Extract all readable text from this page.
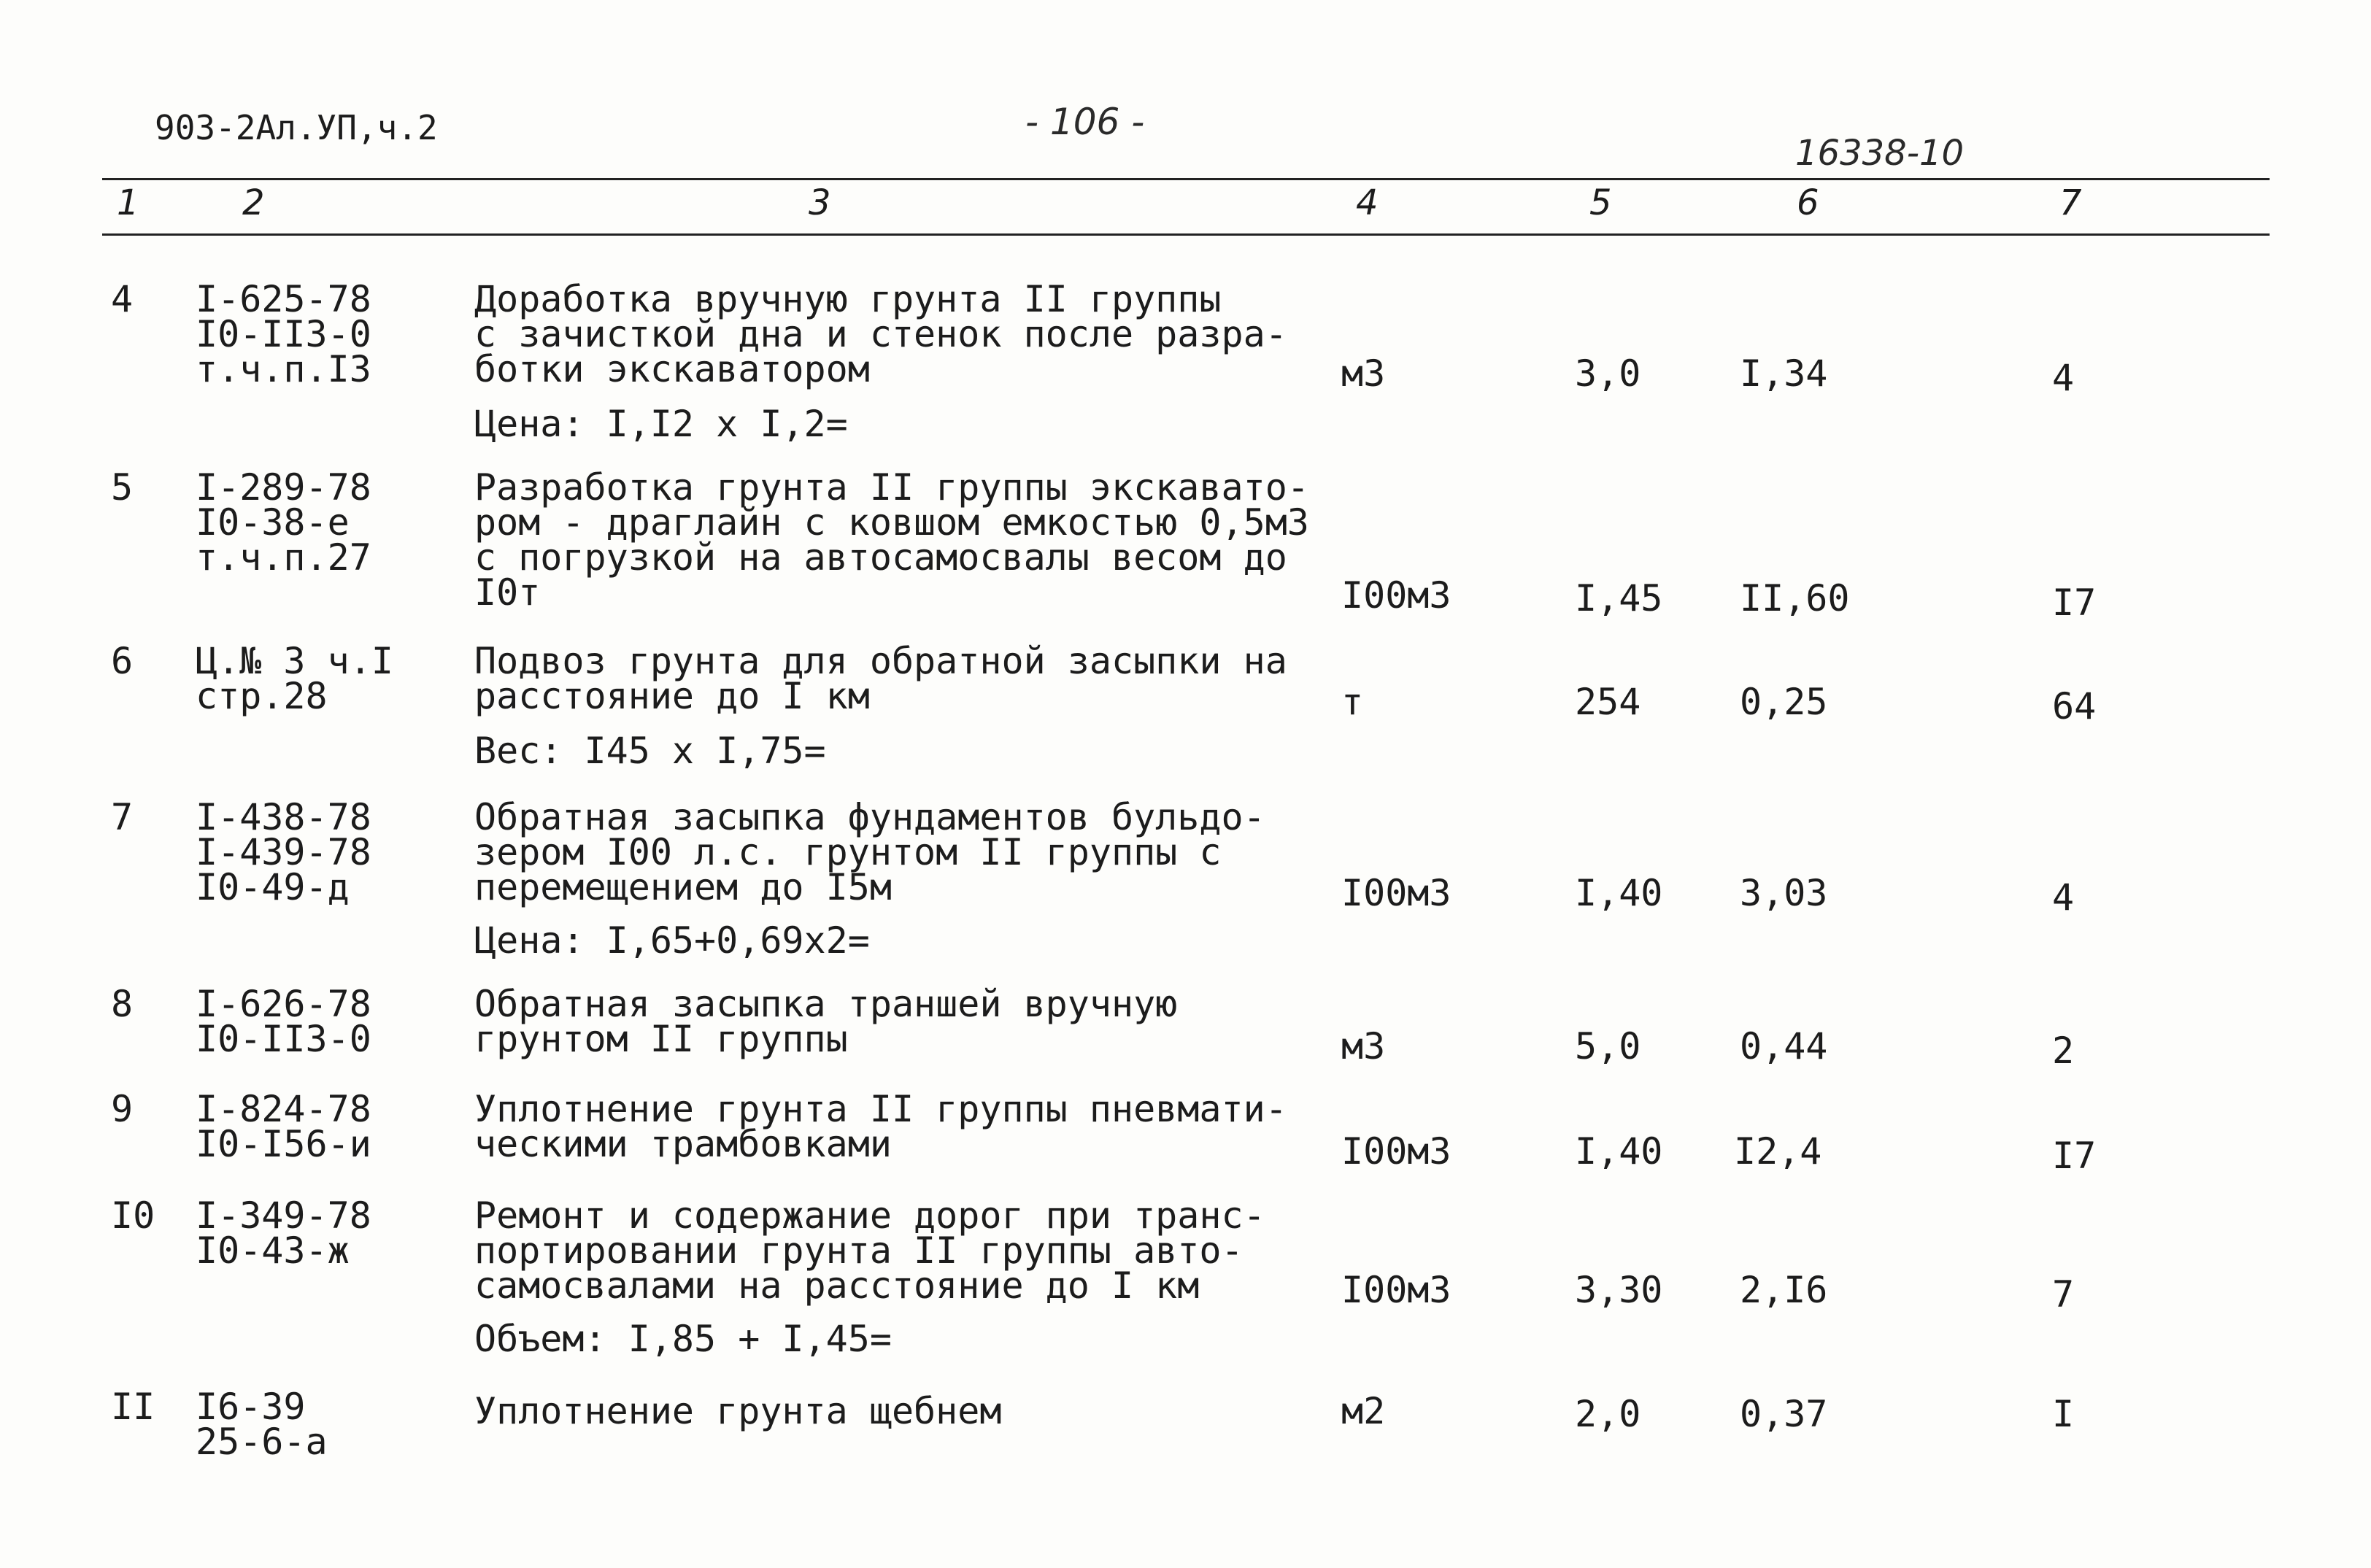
903-2Ал.УП,ч.2	- 106 -
16338-10
1	2	3	4	5	6	7
4 I-625-78
I0-II3-0
т.ч.п.I3
Доработка вручную грунта II группы
с зачисткой дна и стенок после разра-
ботки экскаватором
Цена: I,I2 х I,2=
м3	3,0	I,34	4
5 I-289-78
I0-38-е
т.ч.п.27
Разработка грунта II группы экскавато-
ром - драглайн с ковшом емкостью 0,5м3
с погрузкой на автосамосвалы весом до
I0т	I00м3	I,45 II,60	I7
6 Ц.№ 3 ч.I
стр.28
Подвоз грунта для обратной засыпки на
расстояние до I км
Вес: I45 х I,75=
т	254	0,25	64
7 I-438-78
I-439-78
I0-49-д
Обратная засыпка фундаментов бульдо-
зером I00 л.с. грунтом II группы с
перемещением до I5м
Цена: I,65+0,69х2=
I00м3	I,40 3,03	4
8 I-626-78
I0-II3-0
Обратная засыпка траншей вручную
грунтом II группы	м3	5,0	0,44	2
9 I-824-78
I0-I56-и
Уплотнение грунта II группы пневмати-
ческими трамбовками	I00м3	I,40 I2,4	I7
I0 I-349-78
I0-43-ж
Ремонт и содержание дорог при транс-
портировании грунта II группы авто-
самосвалами на расстояние до I км
Объем: I,85 + I,45=
I00м3	3,30 2,I6	7
II I6-39
25-6-а
Уплотнение грунта щебнем	м2	2,0	0,37	I
